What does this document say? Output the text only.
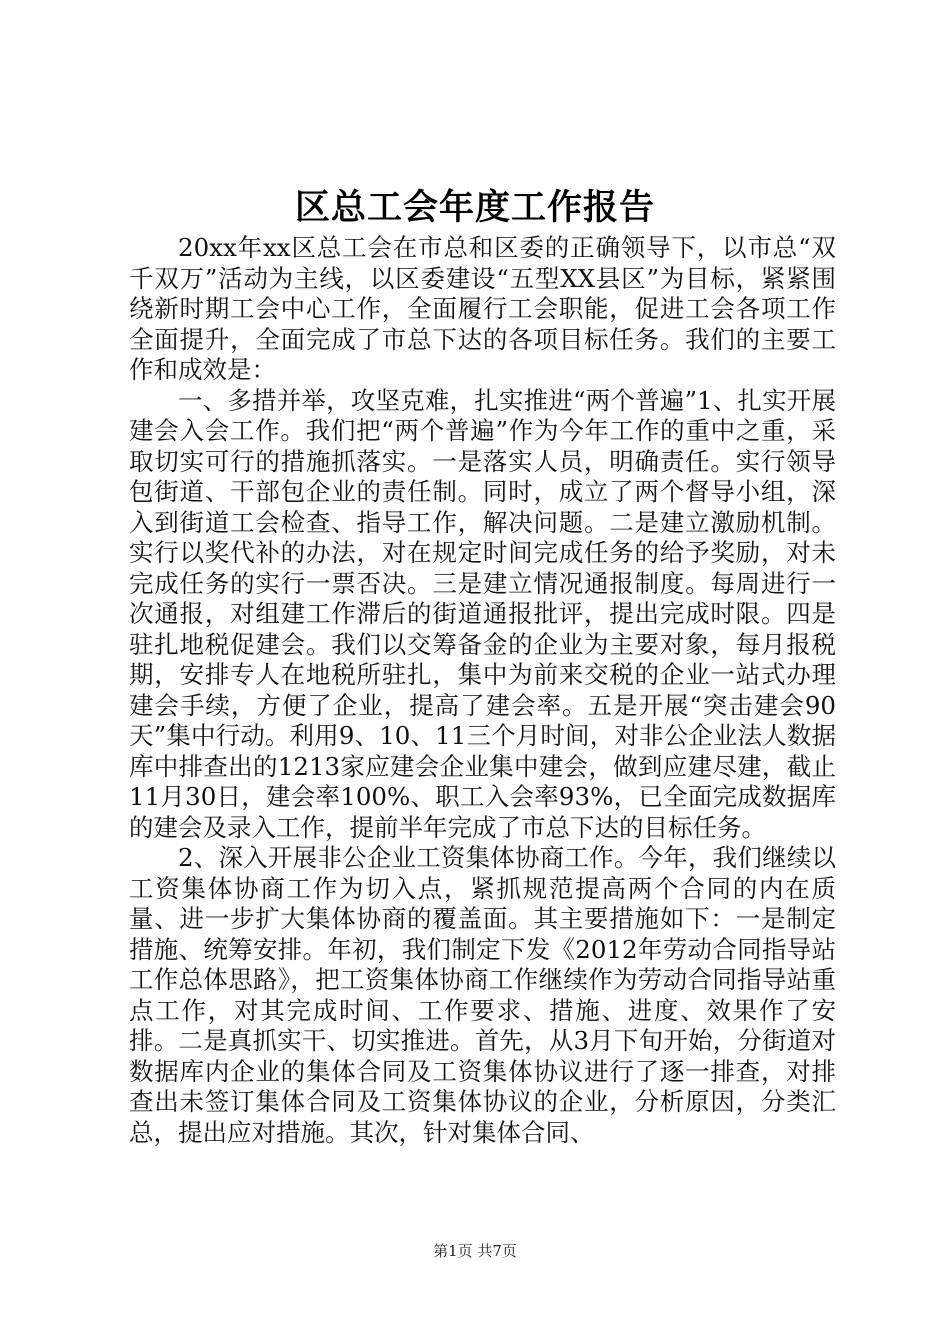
区总工会年度工作报告

20xx年xx区总工会在市总和区委的正确领导下，以市总“双千双万”活动为主线，以区委建设“五型XX县区”为目标，紧紧围绕新时期工会中心工作，全面履行工会职能，促进工会各项工作全面提升，全面完成了市总下达的各项目标任务。我们的主要工作和成效是：

一、多措并举，攻坚克难，扎实推进“两个普遍”1、扎实开展建会入会工作。我们把“两个普遍”作为今年工作的重中之重，采取切实可行的措施抓落实。一是落实人员，明确责任。实行领导包街道、干部包企业的责任制。同时，成立了两个督导小组，深入到街道工会检查、指导工作，解决问题。二是建立激励机制。实行以奖代补的办法，对在规定时间完成任务的给予奖励，对未完成任务的实行一票否决。三是建立情况通报制度。每周进行一次通报，对组建工作滞后的街道通报批评，提出完成时限。四是驻扎地税促建会。我们以交筹备金的企业为主要对象，每月报税期，安排专人在地税所驻扎，集中为前来交税的企业一站式办理建会手续，方便了企业，提高了建会率。五是开展“突击建会90天”集中行动。利用9、10、11三个月时间，对非公企业法人数据库中排查出的1213家应建会企业集中建会，做到应建尽建，截止11月30日，建会率100%、职工入会率93%，已全面完成数据库的建会及录入工作，提前半年完成了市总下达的目标任务。

2、深入开展非公企业工资集体协商工作。今年，我们继续以工资集体协商工作为切入点，紧抓规范提高两个合同的内在质量、进一步扩大集体协商的覆盖面。其主要措施如下：一是制定措施、统筹安排。年初，我们制定下发《2012年劳动合同指导站工作总体思路》，把工资集体协商工作继续作为劳动合同指导站重点工作，对其完成时间、工作要求、措施、进度、效果作了安排。二是真抓实干、切实推进。首先，从3月下旬开始，分街道对数据库内企业的集体合同及工资集体协议进行了逐一排查，对排查出未签订集体合同及工资集体协议的企业，分析原因，分类汇总，提出应对措施。其次，针对集体合同、

第1页 共7页
